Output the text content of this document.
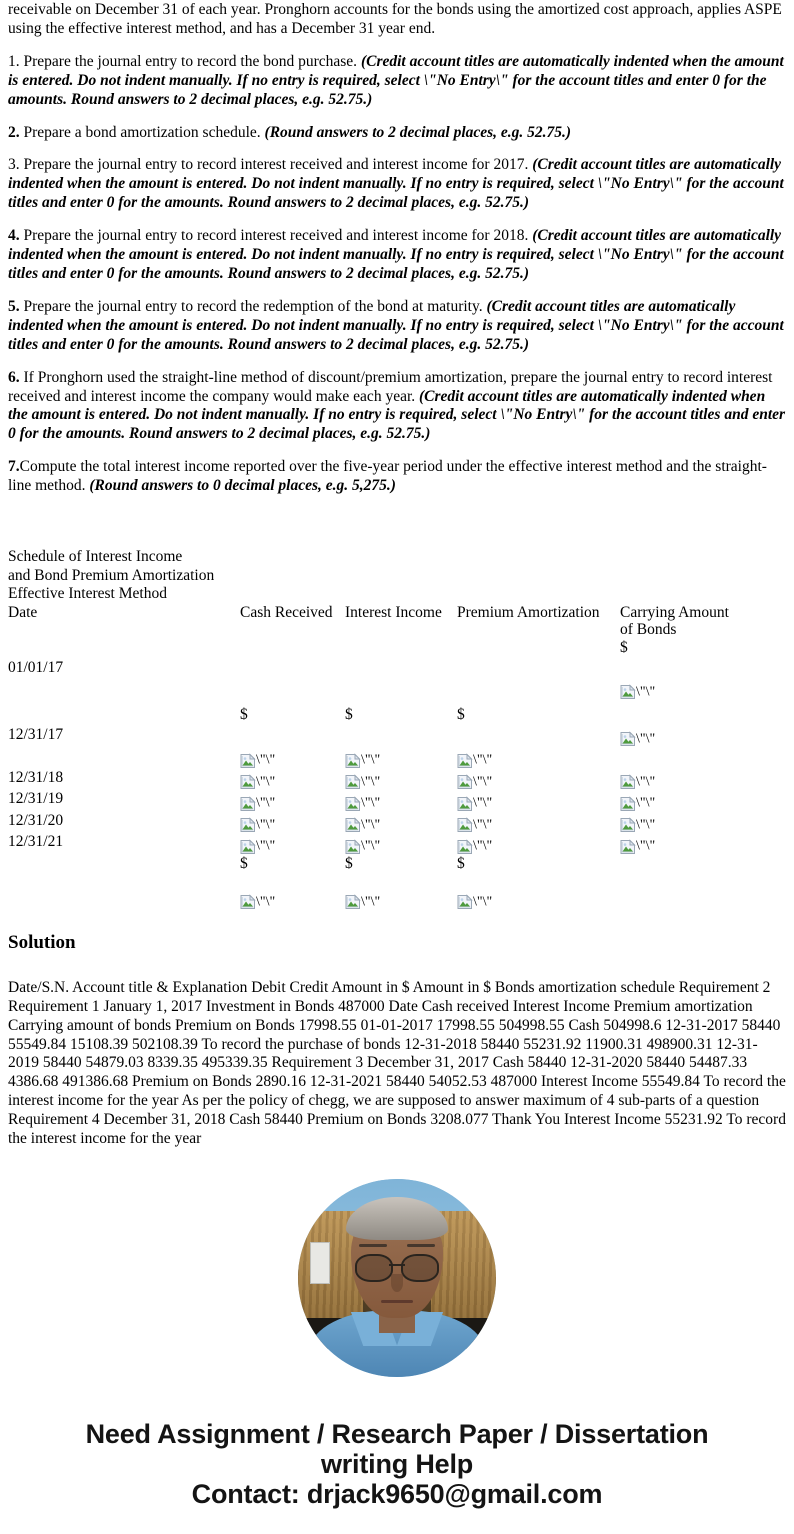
receivable on December 31 of each year. Pronghorn accounts for the bonds using the amortized cost approach, applies ASPE using the effective interest method, and has a December 31 year end.

1. Prepare the journal entry to record the bond purchase. (Credit account titles are automatically indented when the amount is entered. Do not indent manually. If no entry is required, select \"No Entry\" for the account titles and enter 0 for the amounts. Round answers to 2 decimal places, e.g. 52.75.)

2. Prepare a bond amortization schedule. (Round answers to 2 decimal places, e.g. 52.75.)

3. Prepare the journal entry to record interest received and interest income for 2017. (Credit account titles are automatically indented when the amount is entered. Do not indent manually. If no entry is required, select \"No Entry\" for the account titles and enter 0 for the amounts. Round answers to 2 decimal places, e.g. 52.75.)

4. Prepare the journal entry to record interest received and interest income for 2018. (Credit account titles are automatically indented when the amount is entered. Do not indent manually. If no entry is required, select \"No Entry\" for the account titles and enter 0 for the amounts. Round answers to 2 decimal places, e.g. 52.75.)

5. Prepare the journal entry to record the redemption of the bond at maturity. (Credit account titles are automatically indented when the amount is entered. Do not indent manually. If no entry is required, select \"No Entry\" for the account titles and enter 0 for the amounts. Round answers to 2 decimal places, e.g. 52.75.)

6. If Pronghorn used the straight-line method of discount/premium amortization, prepare the journal entry to record interest received and interest income the company would make each year. (Credit account titles are automatically indented when the amount is entered. Do not indent manually. If no entry is required, select \"No Entry\" for the account titles and enter 0 for the amounts. Round answers to 2 decimal places, e.g. 52.75.)

7.Compute the total interest income reported over the five-year period under the effective interest method and the straight-line method. (Round answers to 0 decimal places, e.g. 5,275.)

Schedule of Interest Income
and Bond Premium Amortization
Effective Interest Method				

Date	Cash Received	Interest Income	Premium Amortization	Carrying Amount
of Bonds

				$
01/01/17				
				\"\"

	$	$	$	
12/31/17				\"\"
	\"\"	\"\"	\"\"	
12/31/18	\"\"	\"\"	\"\"	\"\"
12/31/19	\"\"	\"\"	\"\"	\"\"
12/31/20	\"\"	\"\"	\"\"	\"\"
12/31/21	\"\"	\"\"	\"\"	\"\"
	$	$	$	

	\"\"	\"\"	\"\"	
Solution

Date/S.N. Account title & Explanation Debit Credit Amount in $ Amount in $ Bonds amortization schedule Requirement 2 Requirement 1 January 1, 2017 Investment in Bonds 487000 Date Cash received Interest Income Premium amortization Carrying amount of bonds Premium on Bonds 17998.55 01-01-2017 17998.55 504998.55 Cash 504998.6 12-31-2017 58440 55549.84 15108.39 502108.39 To record the purchase of bonds 12-31-2018 58440 55231.92 11900.31 498900.31 12-31-2019 58440 54879.03 8339.35 495339.35 Requirement 3 December 31, 2017 Cash 58440 12-31-2020 58440 54487.33 4386.68 491386.68 Premium on Bonds 2890.16 12-31-2021 58440 54052.53 487000 Interest Income 55549.84 To record the interest income for the year As per the policy of chegg, we are supposed to answer maximum of 4 sub-parts of a question Requirement 4 December 31, 2018 Cash 58440 Premium on Bonds 3208.077 Thank You Interest Income 55231.92 To record the interest income for the year

Need Assignment / Research Paper / Dissertation
writing Help
Contact: drjack9650@gmail.com
